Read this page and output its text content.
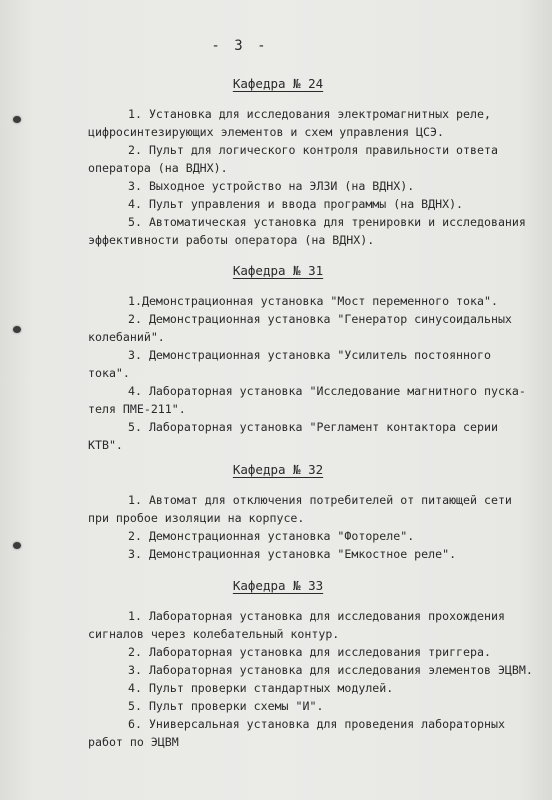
- 3 -
Кафедра № 24
1. Установка для исследования электромагнитных реле,
цифросинтезирующих элементов и схем управления ЦСЭ.
2. Пульт для логического контроля правильности ответа
оператора (на ВДНХ).
3. Выходное устройство на ЭЛЗИ (на ВДНХ).
4. Пульт управления и ввода программы (на ВДНХ).
5. Автоматическая установка для тренировки и исследования
эффективности работы оператора (на ВДНХ).
Кафедра № 31
1.Демонстрационная установка "Мост переменного тока".
2. Демонстрационная установка "Генератор синусоидальных
колебаний".
3. Демонстрационная установка "Усилитель постоянного
тока".
4. Лабораторная установка "Исследование магнитного пуска-
теля ПМЕ-211".
5. Лабораторная установка "Регламент контактора серии
КТВ".
Кафедра № 32
1. Автомат для отключения потребителей от питающей сети
при пробое изоляции на корпусе.
2. Демонстрационная установка "Фотореле".
3. Демонстрационная установка "Емкостное реле".
Кафедра № 33
1. Лабораторная установка для исследования прохождения
сигналов через колебательный контур.
2. Лабораторная установка для исследования триггера.
3. Лабораторная установка для исследования элементов ЭЦВМ.
4. Пульт проверки стандартных модулей.
5. Пульт проверки схемы "И".
6. Универсальная установка для проведения лабораторных
работ по ЭЦВМ
